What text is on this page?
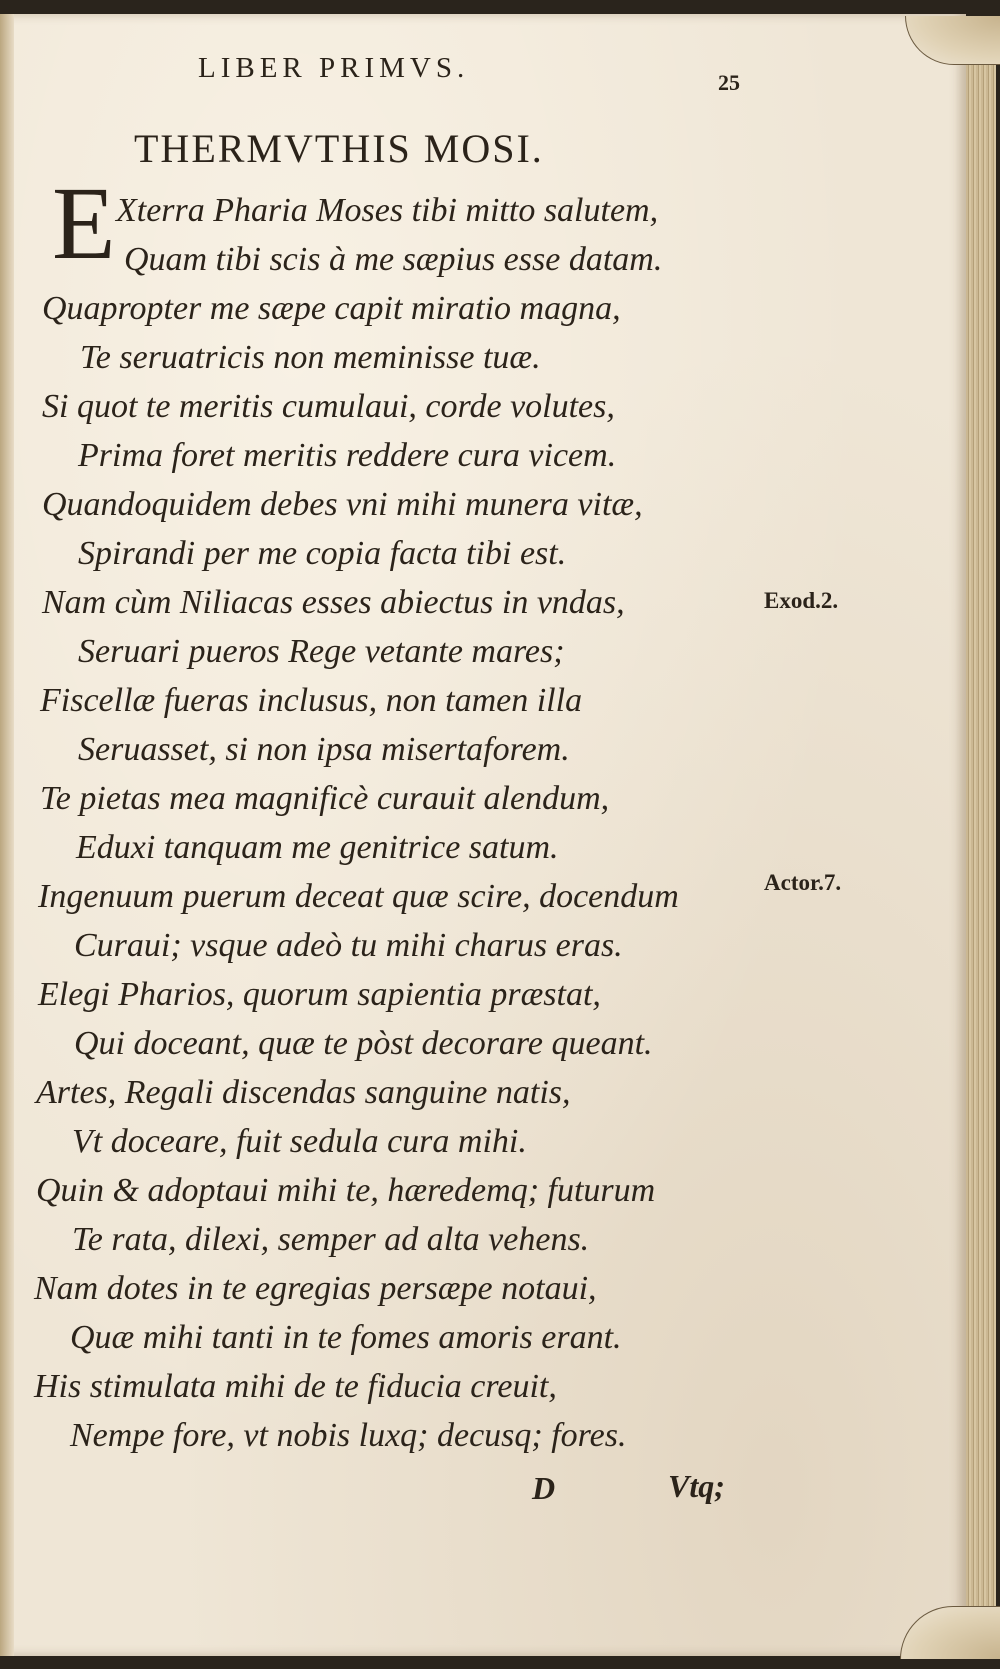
LIBER PRIMVS.	25
THERMVTHIS MOSI.
E Xterra Pharia Moses tibi mitto salutem,
Quam tibi scis à me sæpius esse datam.
Quapropter me sæpe capit miratio magna,
Te seruatricis non meminisse tuæ.
Si quot te meritis cumulaui, corde volutes,
Prima foret meritis reddere cura vicem.
Quandoquidem debes vni mihi munera vitæ,
Spirandi per me copia facta tibi est.
Nam cùm Niliacas esses abiectus in vndas,
Seruari pueros Rege vetante mares;
Fiscellæ fueras inclusus, non tamen illa
Seruasset, si non ipsa misertaforem.
Te pietas mea magnificè curauit alendum,
Eduxi tanquam me genitrice satum.
Ingenuum puerum deceat quæ scire, docendum
Curaui; vsque adeò tu mihi charus eras.
Elegi Pharios, quorum sapientia præstat,
Qui doceant, quæ te pòst decorare queant.
Artes, Regali discendas sanguine natis,
Vt doceare, fuit sedula cura mihi.
Quin & adoptaui mihi te, hæredemq; futurum
Te rata, dilexi, semper ad alta vehens.
Nam dotes in te egregias persæpe notaui,
Quæ mihi tanti in te fomes amoris erant.
His stimulata mihi de te fiducia creuit,
Nempe fore, vt nobis luxq; decusq; fores.
Exod.2.
Actor.7.
D	Vtq;
